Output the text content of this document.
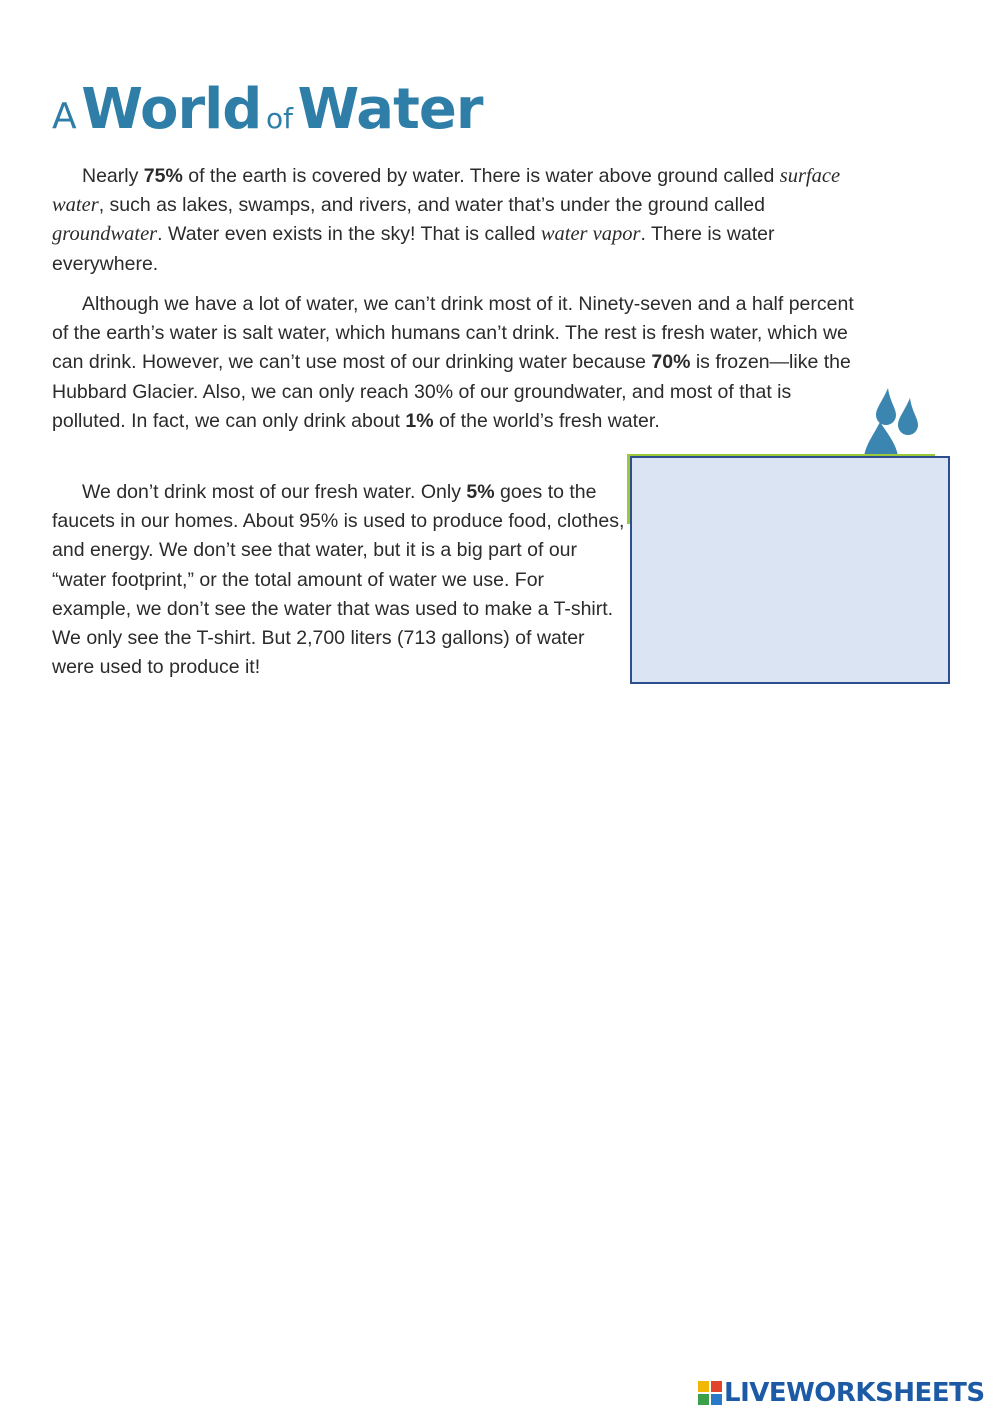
A World of Water

Nearly 75% of the earth is covered by water. There is water above ground called surface water, such as lakes, swamps, and rivers, and water that’s under the ground called groundwater. Water even exists in the sky! That is called water vapor. There is water everywhere.

Although we have a lot of water, we can’t drink most of it. Ninety-seven and a half percent of the earth’s water is salt water, which humans can’t drink. The rest is fresh water, which we can drink. However, we can’t use most of our drinking water because 70% is frozen—like the Hubbard Glacier. Also, we can only reach 30% of our groundwater, and most of that is polluted. In fact, we can only drink about 1% of the world’s fresh water.

We don’t drink most of our fresh water. Only 5% goes to the faucets in our homes. About 95% is used to produce food, clothes, and energy. We don’t see that water, but it is a big part of our “water footprint,” or the total amount of water we use. For example, we don’t see the water that was used to make a T-shirt. We only see the T-shirt. But 2,700 liters (713 gallons) of water were used to produce it!

LIVEWORKSHEETS
